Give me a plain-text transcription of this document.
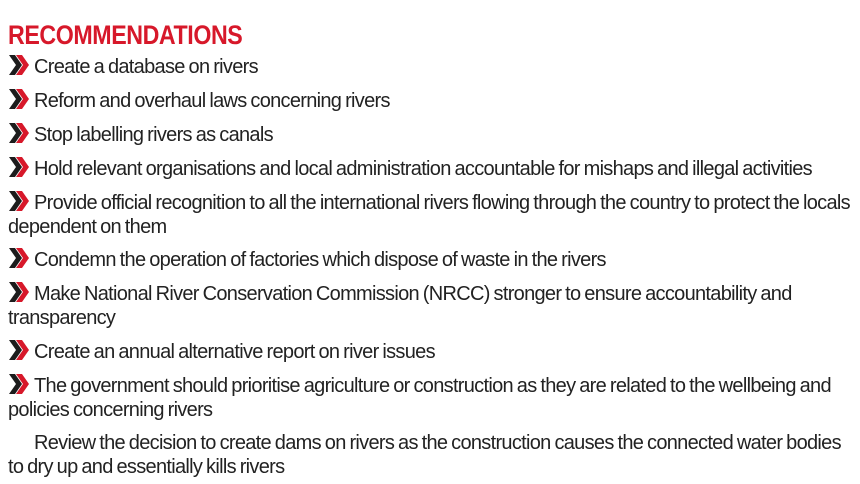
RECOMMENDATIONS
Create a database on rivers
Reform and overhaul laws concerning rivers
Stop labelling rivers as canals
Hold relevant organisations and local administration accountable for mishaps and illegal activities
Provide official recognition to all the international rivers flowing through the country to protect the locals dependent on them
Condemn the operation of factories which dispose of waste in the rivers
Make National River Conservation Commission (NRCC) stronger to ensure accountability and transparency
Create an annual alternative report on river issues
The government should prioritise agriculture or construction as they are related to the wellbeing and policies concerning rivers
Review the decision to create dams on rivers as the construction causes the connected water bodies to dry up and essentially kills rivers
